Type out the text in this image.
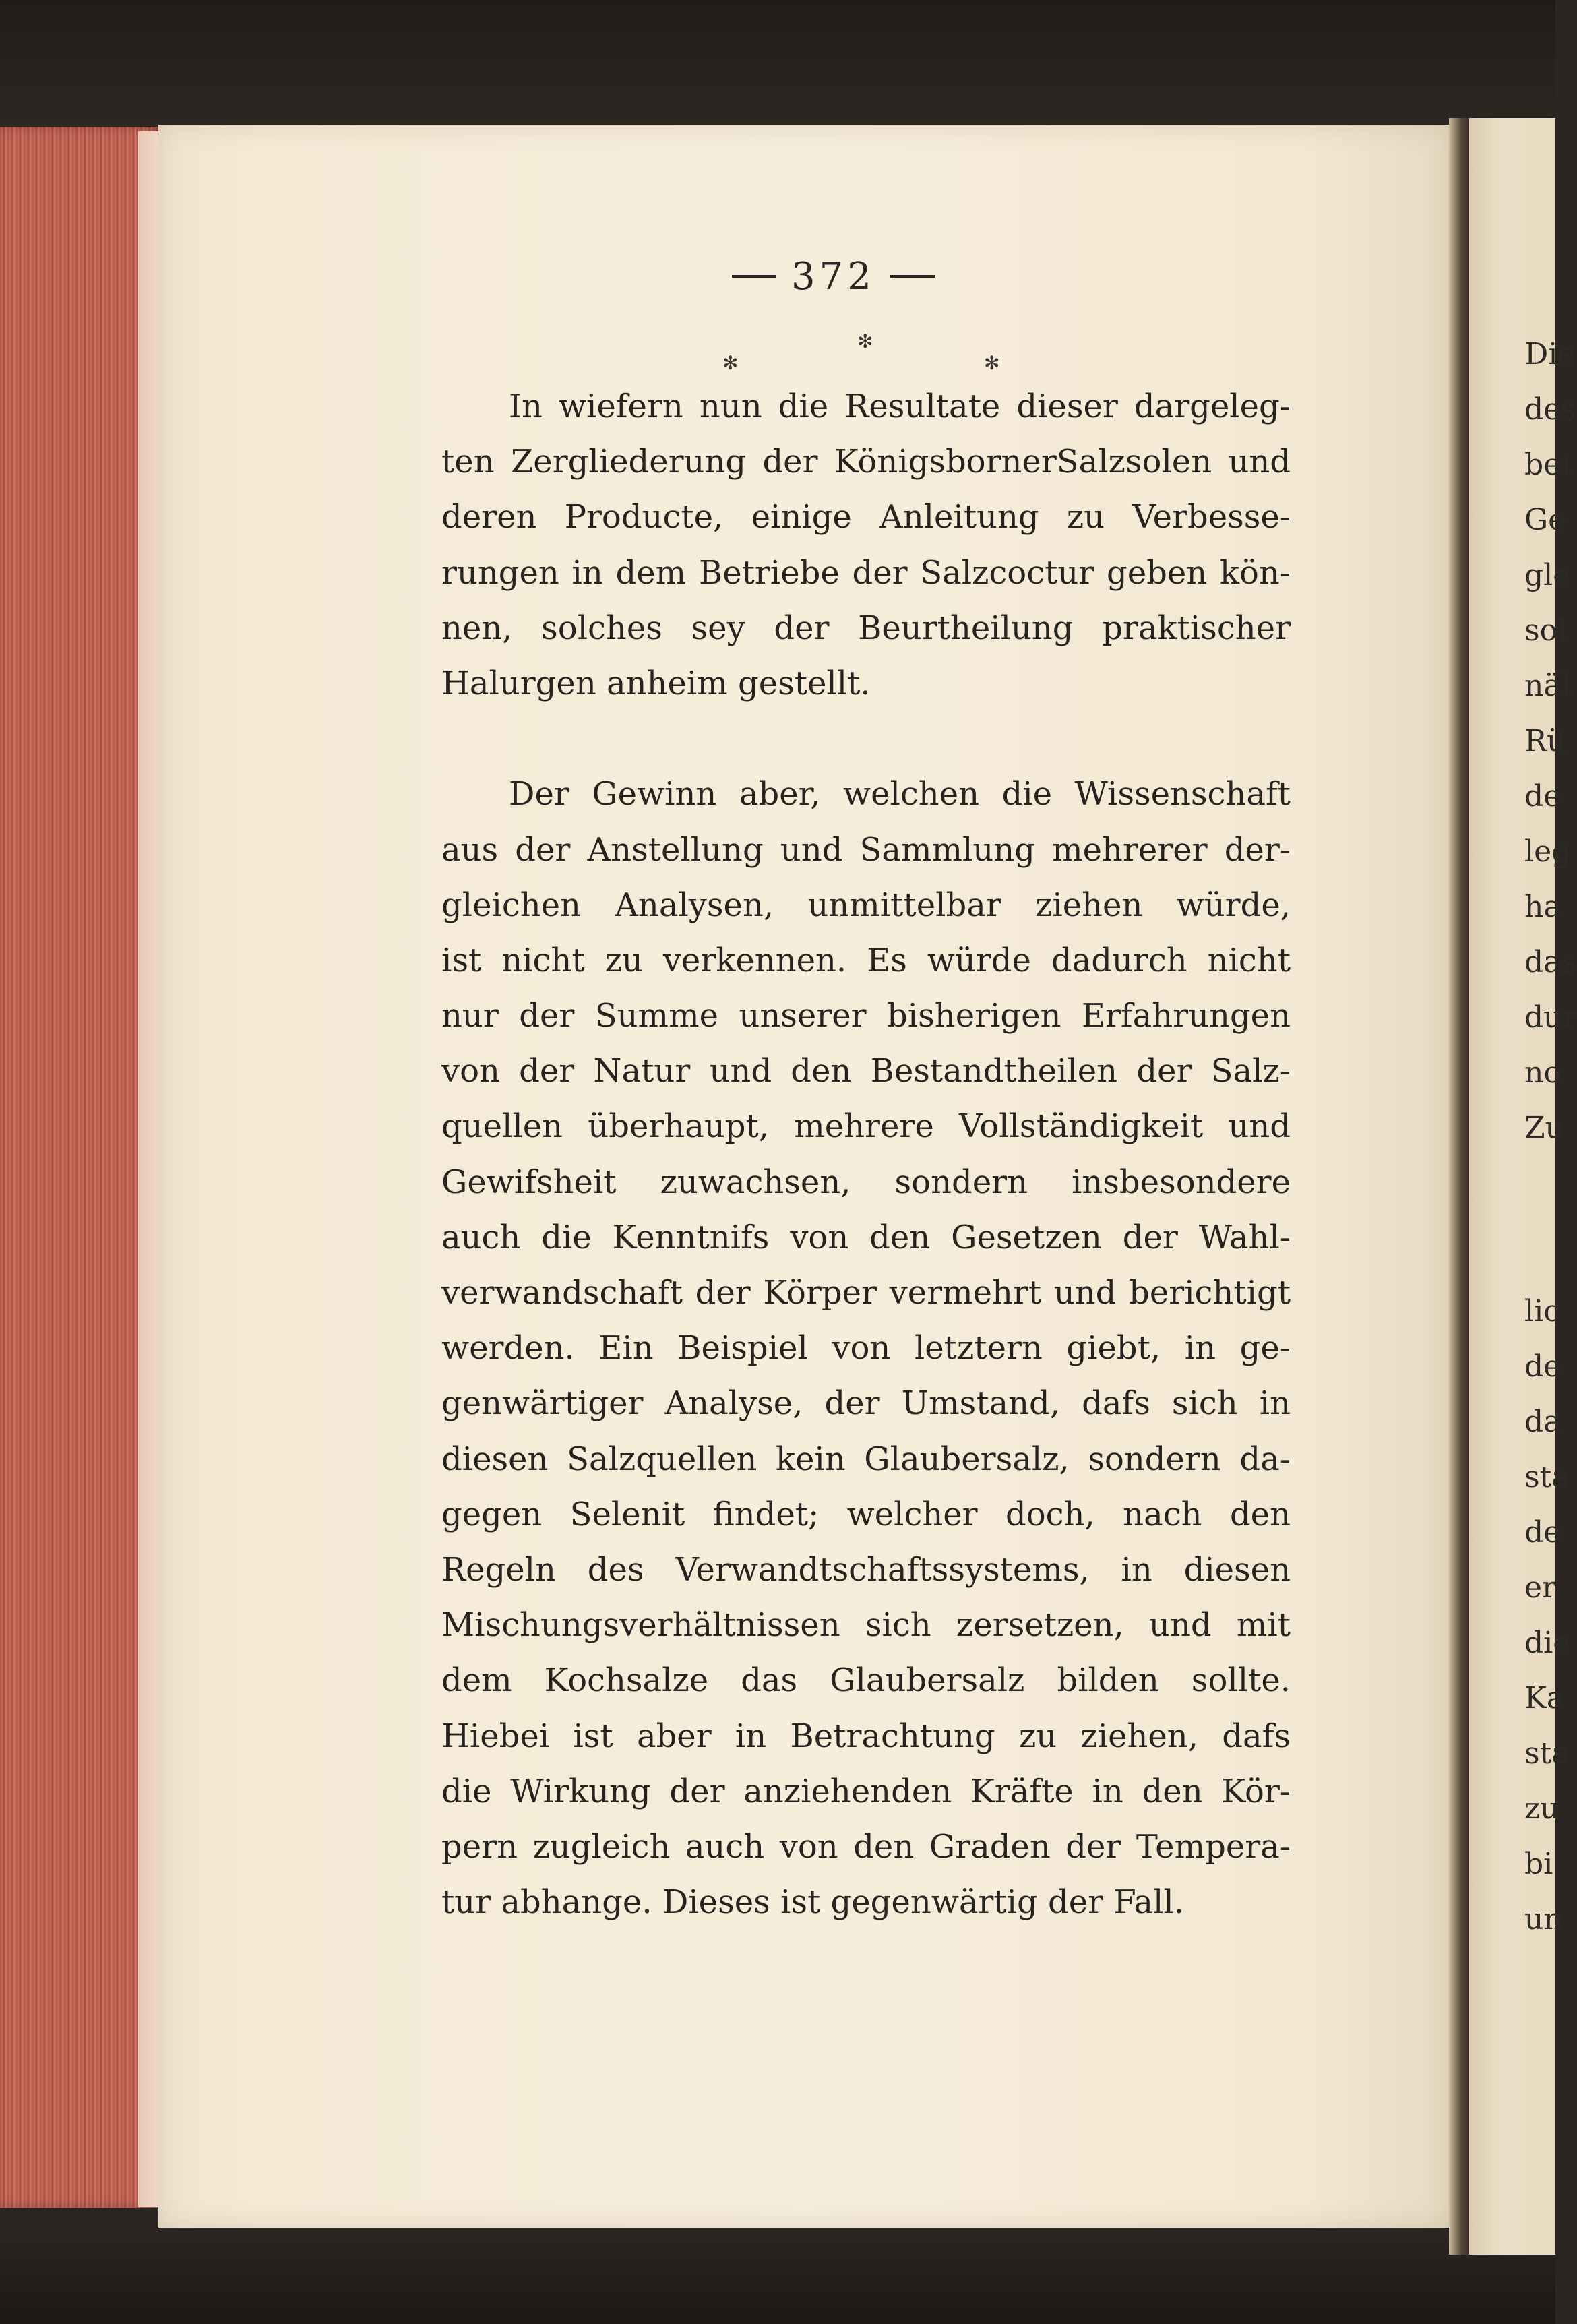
372
✻
✻	✻
In wiefern nun die Resultate dieser dargeleg-
ten Zergliederung der KönigsbornerSalzsolen und
deren Producte, einige Anleitung zu Verbesse-
rungen in dem Betriebe der Salzcoctur geben kön-
nen, solches sey der Beurtheilung praktischer
Halurgen anheim gestellt.
Der Gewinn aber, welchen die Wissenschaft
aus der Anstellung und Sammlung mehrerer der-
gleichen Analysen, unmittelbar ziehen würde,
ist nicht zu verkennen. Es würde dadurch nicht
nur der Summe unserer bisherigen Erfahrungen
von der Natur und den Bestandtheilen der Salz-
quellen überhaupt, mehrere Vollständigkeit und
Gewifsheit zuwachsen, sondern insbesondere
auch die Kenntnifs von den Gesetzen der Wahl-
verwandschaft der Körper vermehrt und berichtigt
werden. Ein Beispiel von letztern giebt, in ge-
genwärtiger Analyse, der Umstand, dafs sich in
diesen Salzquellen kein Glaubersalz, sondern da-
gegen Selenit findet; welcher doch, nach den
Regeln des Verwandtschaftssystems, in diesen
Mischungsverhältnissen sich zersetzen, und mit
dem Kochsalze das Glaubersalz bilden sollte.
Hiebei ist aber in Betrachtung zu ziehen, dafs
die Wirkung der anziehenden Kräfte in den Kör-
pern zugleich auch von den Graden der Tempera-
tur abhange. Dieses ist gegenwärtig der Fall.
Die
des
bei
Ge
gle
sol
näl
Rü
de
leg
ha
das
dur
no
Zu
lic
de
da
sta
de
er
die
Ka
sta
zu
bi
un
